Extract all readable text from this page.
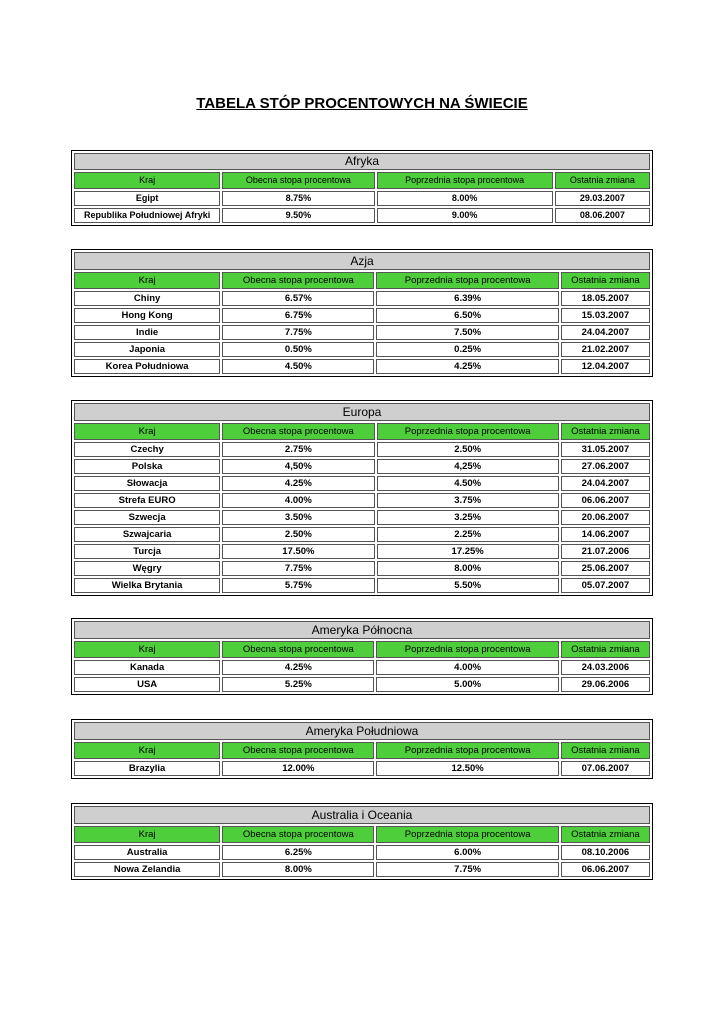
TABELA STÓP PROCENTOWYCH NA ŚWIECIE
Afryka			
Kraj	Obecna stopa procentowa	Poprzednia stopa procentowa	Ostatnia zmiana
Egipt	8.75%	8.00%	29.03.2007
Republika Południowej Afryki	9.50%	9.00%	08.06.2007
Azja			
Kraj	Obecna stopa procentowa	Poprzednia stopa procentowa	Ostatnia zmiana
Chiny	6.57%	6.39%	18.05.2007
Hong Kong	6.75%	6.50%	15.03.2007
Indie	7.75%	7.50%	24.04.2007
Japonia	0.50%	0.25%	21.02.2007
Korea Południowa	4.50%	4.25%	12.04.2007
Europa			
Kraj	Obecna stopa procentowa	Poprzednia stopa procentowa	Ostatnia zmiana
Czechy	2.75%	2.50%	31.05.2007
Polska	4,50%	4,25%	27.06.2007
Słowacja	4.25%	4.50%	24.04.2007
Strefa EURO	4.00%	3.75%	06.06.2007
Szwecja	3.50%	3.25%	20.06.2007
Szwajcaria	2.50%	2.25%	14.06.2007
Turcja	17.50%	17.25%	21.07.2006
Węgry	7.75%	8.00%	25.06.2007
Wielka Brytania	5.75%	5.50%	05.07.2007
Ameryka Północna			
Kraj	Obecna stopa procentowa	Poprzednia stopa procentowa	Ostatnia zmiana
Kanada	4.25%	4.00%	24.03.2006
USA	5.25%	5.00%	29.06.2006
Ameryka Południowa			
Kraj	Obecna stopa procentowa	Poprzednia stopa procentowa	Ostatnia zmiana
Brazylia	12.00%	12.50%	07.06.2007
Australia i Oceania			
Kraj	Obecna stopa procentowa	Poprzednia stopa procentowa	Ostatnia zmiana
Australia	6.25%	6.00%	08.10.2006
Nowa Zelandia	8.00%	7.75%	06.06.2007
